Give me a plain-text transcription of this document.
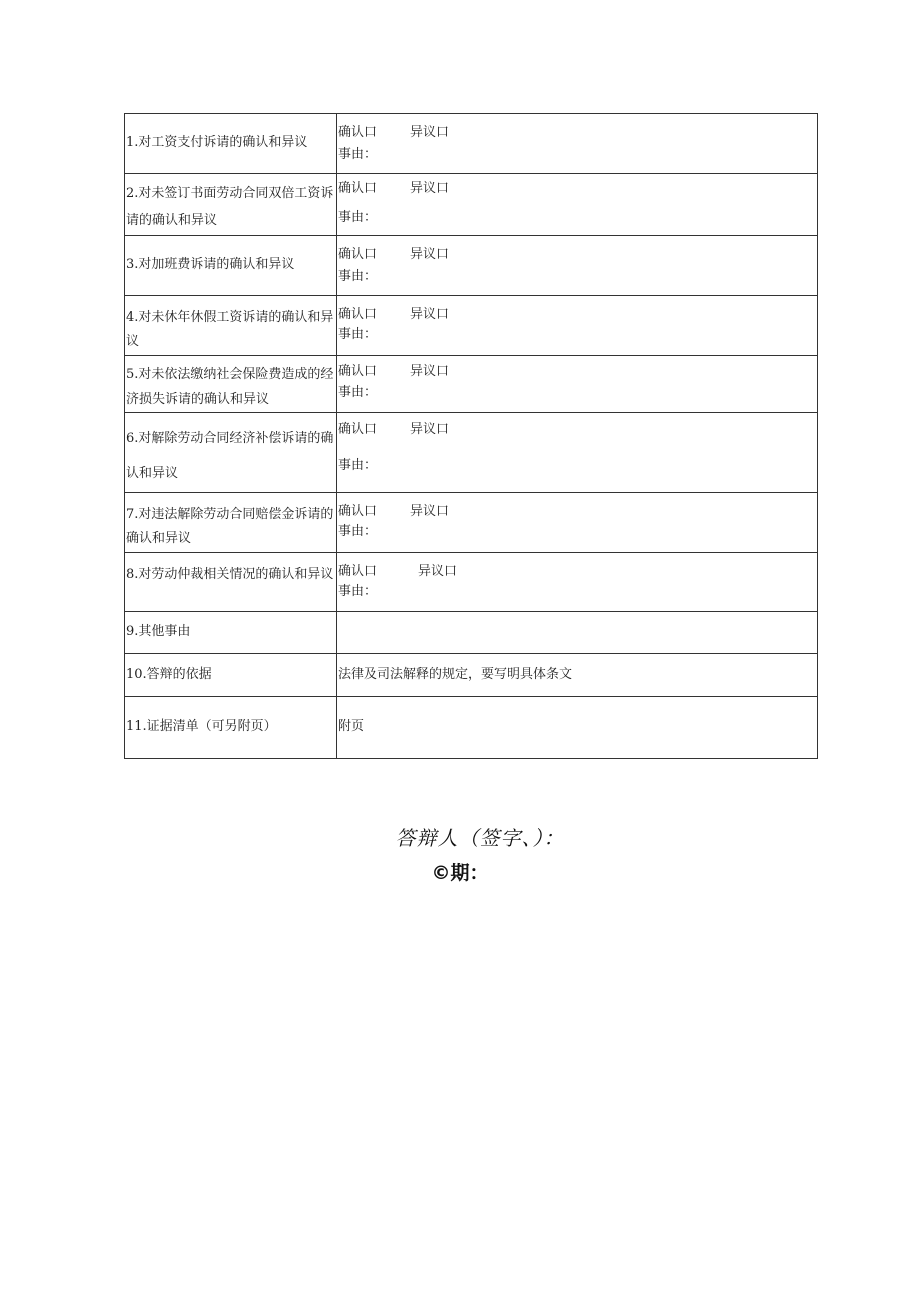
1.对工资支付诉请的确认和异议	确认口 异议口
事由：

2.对未签订书面劳动合同双倍工资诉请的确认和异议	确认口 异议口
事由：

3.对加班费诉请的确认和异议	确认口 异议口
事由：

4.对未休年休假工资诉请的确认和异议	确认口 异议口
事由：

5.对未依法缴纳社会保险费造成的经济损失诉请的确认和异议	确认口 异议口
事由：

6.对解除劳动合同经济补偿诉请的确认和异议	确认口 异议口
事由：

7.对违法解除劳动合同赔偿金诉请的确认和异议	确认口 异议口
事由：

8.对劳动仲裁相关情况的确认和异议	确认口 异议口
事由：

9.其他事由	

10.答辩的依据	法律及司法解释的规定，要写明具体条文

11.证据清单（可另附页）	附页
答辩人（签字、）：
©期：
